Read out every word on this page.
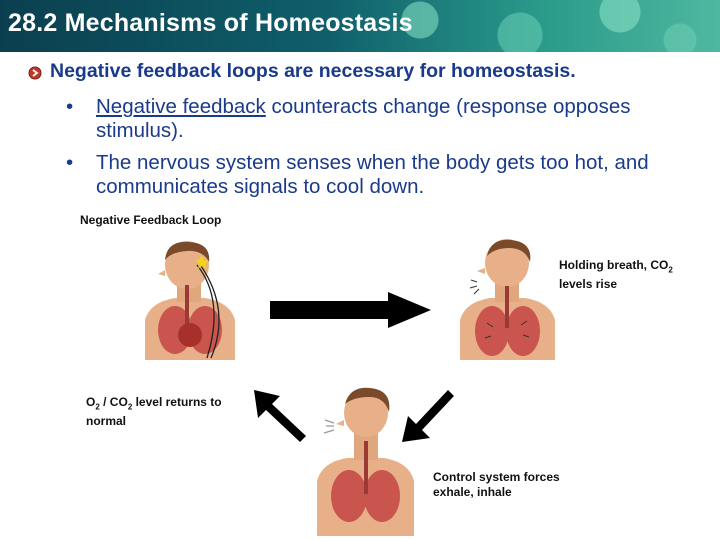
28.2 Mechanisms of Homeostasis
Negative feedback loops are necessary for homeostasis.
• Negative feedback counteracts change (response opposes stimulus).
• The nervous system senses when the body gets too hot, and communicates signals to cool down.
Negative Feedback Loop
Holding breath, $CO_2$
levels rise
$O_2 / CO_2$ level returns to
normal
Control system forces
exhale, inhale
